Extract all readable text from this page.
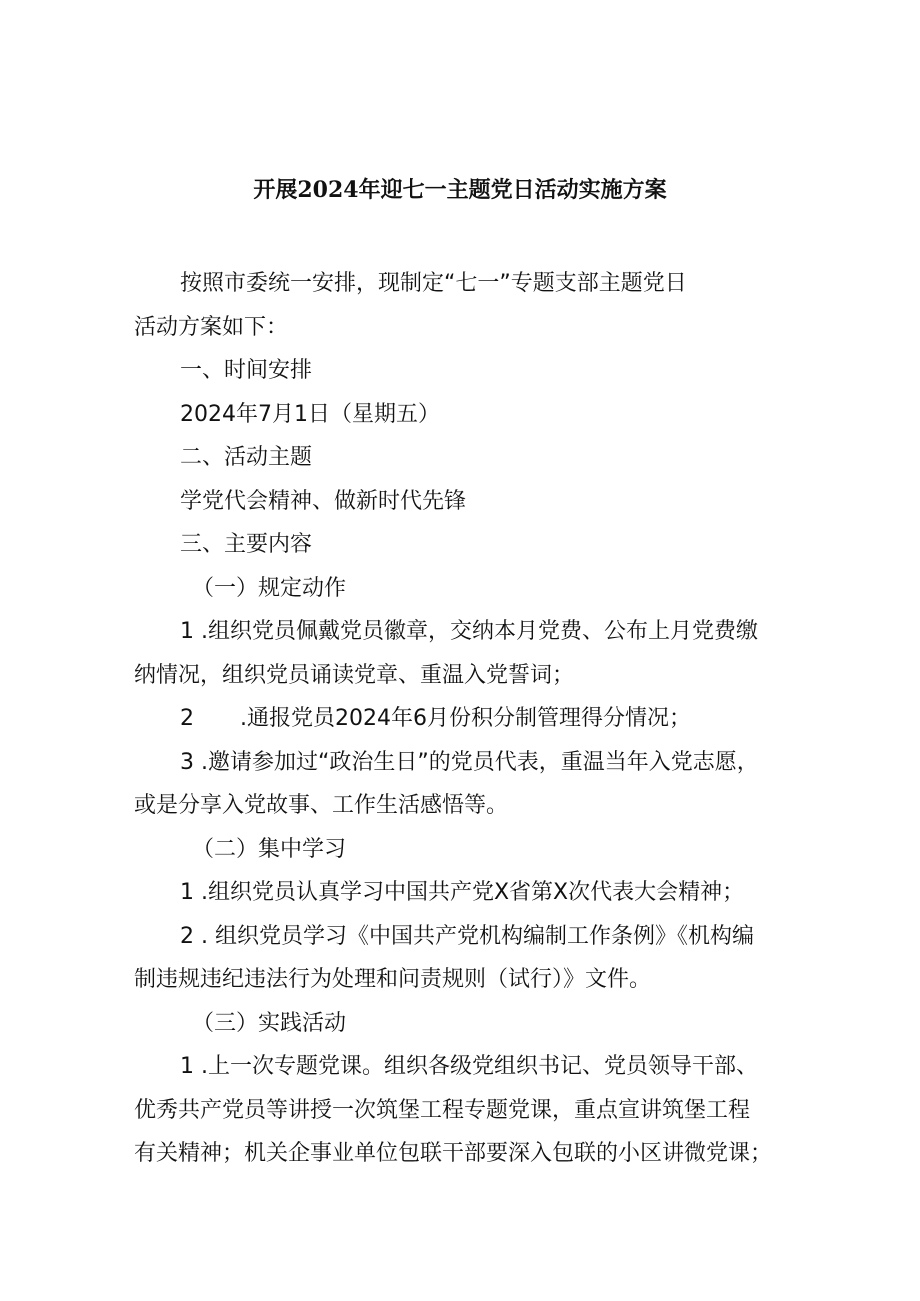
开展2024年迎七一主题党日活动实施方案
按照市委统一安排，现制定“七一”专题支部主题党日
活动方案如下：
一、时间安排
2024年7月1日（星期五）
二、活动主题
学党代会精神、做新时代先锋
三、主要内容
（一）规定动作
1 .组织党员佩戴党员徽章，交纳本月党费、公布上月党费缴
纳情况，组织党员诵读党章、重温入党誓词；
2 .通报党员2024年6月份积分制管理得分情况；
3 .邀请参加过“政治生日”的党员代表，重温当年入党志愿，
或是分享入党故事、工作生活感悟等。
（二）集中学习
1 .组织党员认真学习中国共产党X省第X次代表大会精神；
2 . 组织党员学习《中国共产党机构编制工作条例》《机构编
制违规违纪违法行为处理和问责规则（试行）》文件。
（三）实践活动
1 .上一次专题党课。组织各级党组织书记、党员领导干部、
优秀共产党员等讲授一次筑堡工程专题党课，重点宣讲筑堡工程
有关精神；机关企事业单位包联干部要深入包联的小区讲微党课；
